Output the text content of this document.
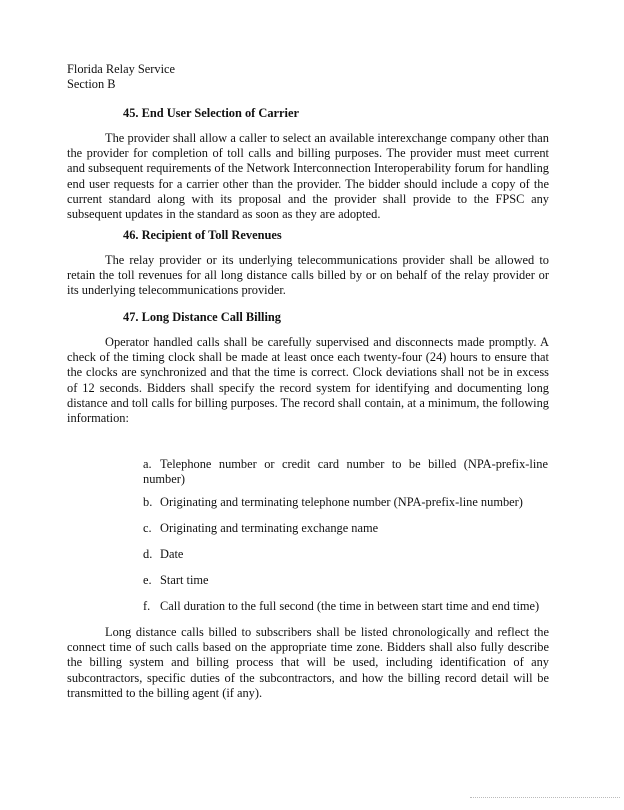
Florida Relay Service
Section B
45. End User Selection of Carrier
The provider shall allow a caller to select an available interexchange company other than the provider for completion of toll calls and billing purposes. The provider must meet current and subsequent requirements of the Network Interconnection Interoperability forum for handling end user requests for a carrier other than the provider. The bidder should include a copy of the current standard along with its proposal and the provider shall provide to the FPSC any subsequent updates in the standard as soon as they are adopted.
46. Recipient of Toll Revenues
The relay provider or its underlying telecommunications provider shall be allowed to retain the toll revenues for all long distance calls billed by or on behalf of the relay provider or its underlying telecommunications provider.
47. Long Distance Call Billing
Operator handled calls shall be carefully supervised and disconnects made promptly. A check of the timing clock shall be made at least once each twenty-four (24) hours to ensure that the clocks are synchronized and that the time is correct. Clock deviations shall not be in excess of 12 seconds. Bidders shall specify the record system for identifying and documenting long distance and toll calls for billing purposes. The record shall contain, at a minimum, the following information:
a. Telephone number or credit card number to be billed (NPA-prefix-line number)
b. Originating and terminating telephone number (NPA-prefix-line number)
c. Originating and terminating exchange name
d. Date
e. Start time
f. Call duration to the full second (the time in between start time and end time)
Long distance calls billed to subscribers shall be listed chronologically and reflect the connect time of such calls based on the appropriate time zone. Bidders shall also fully describe the billing system and billing process that will be used, including identification of any subcontractors, specific duties of the subcontractors, and how the billing record detail will be transmitted to the billing agent (if any).
